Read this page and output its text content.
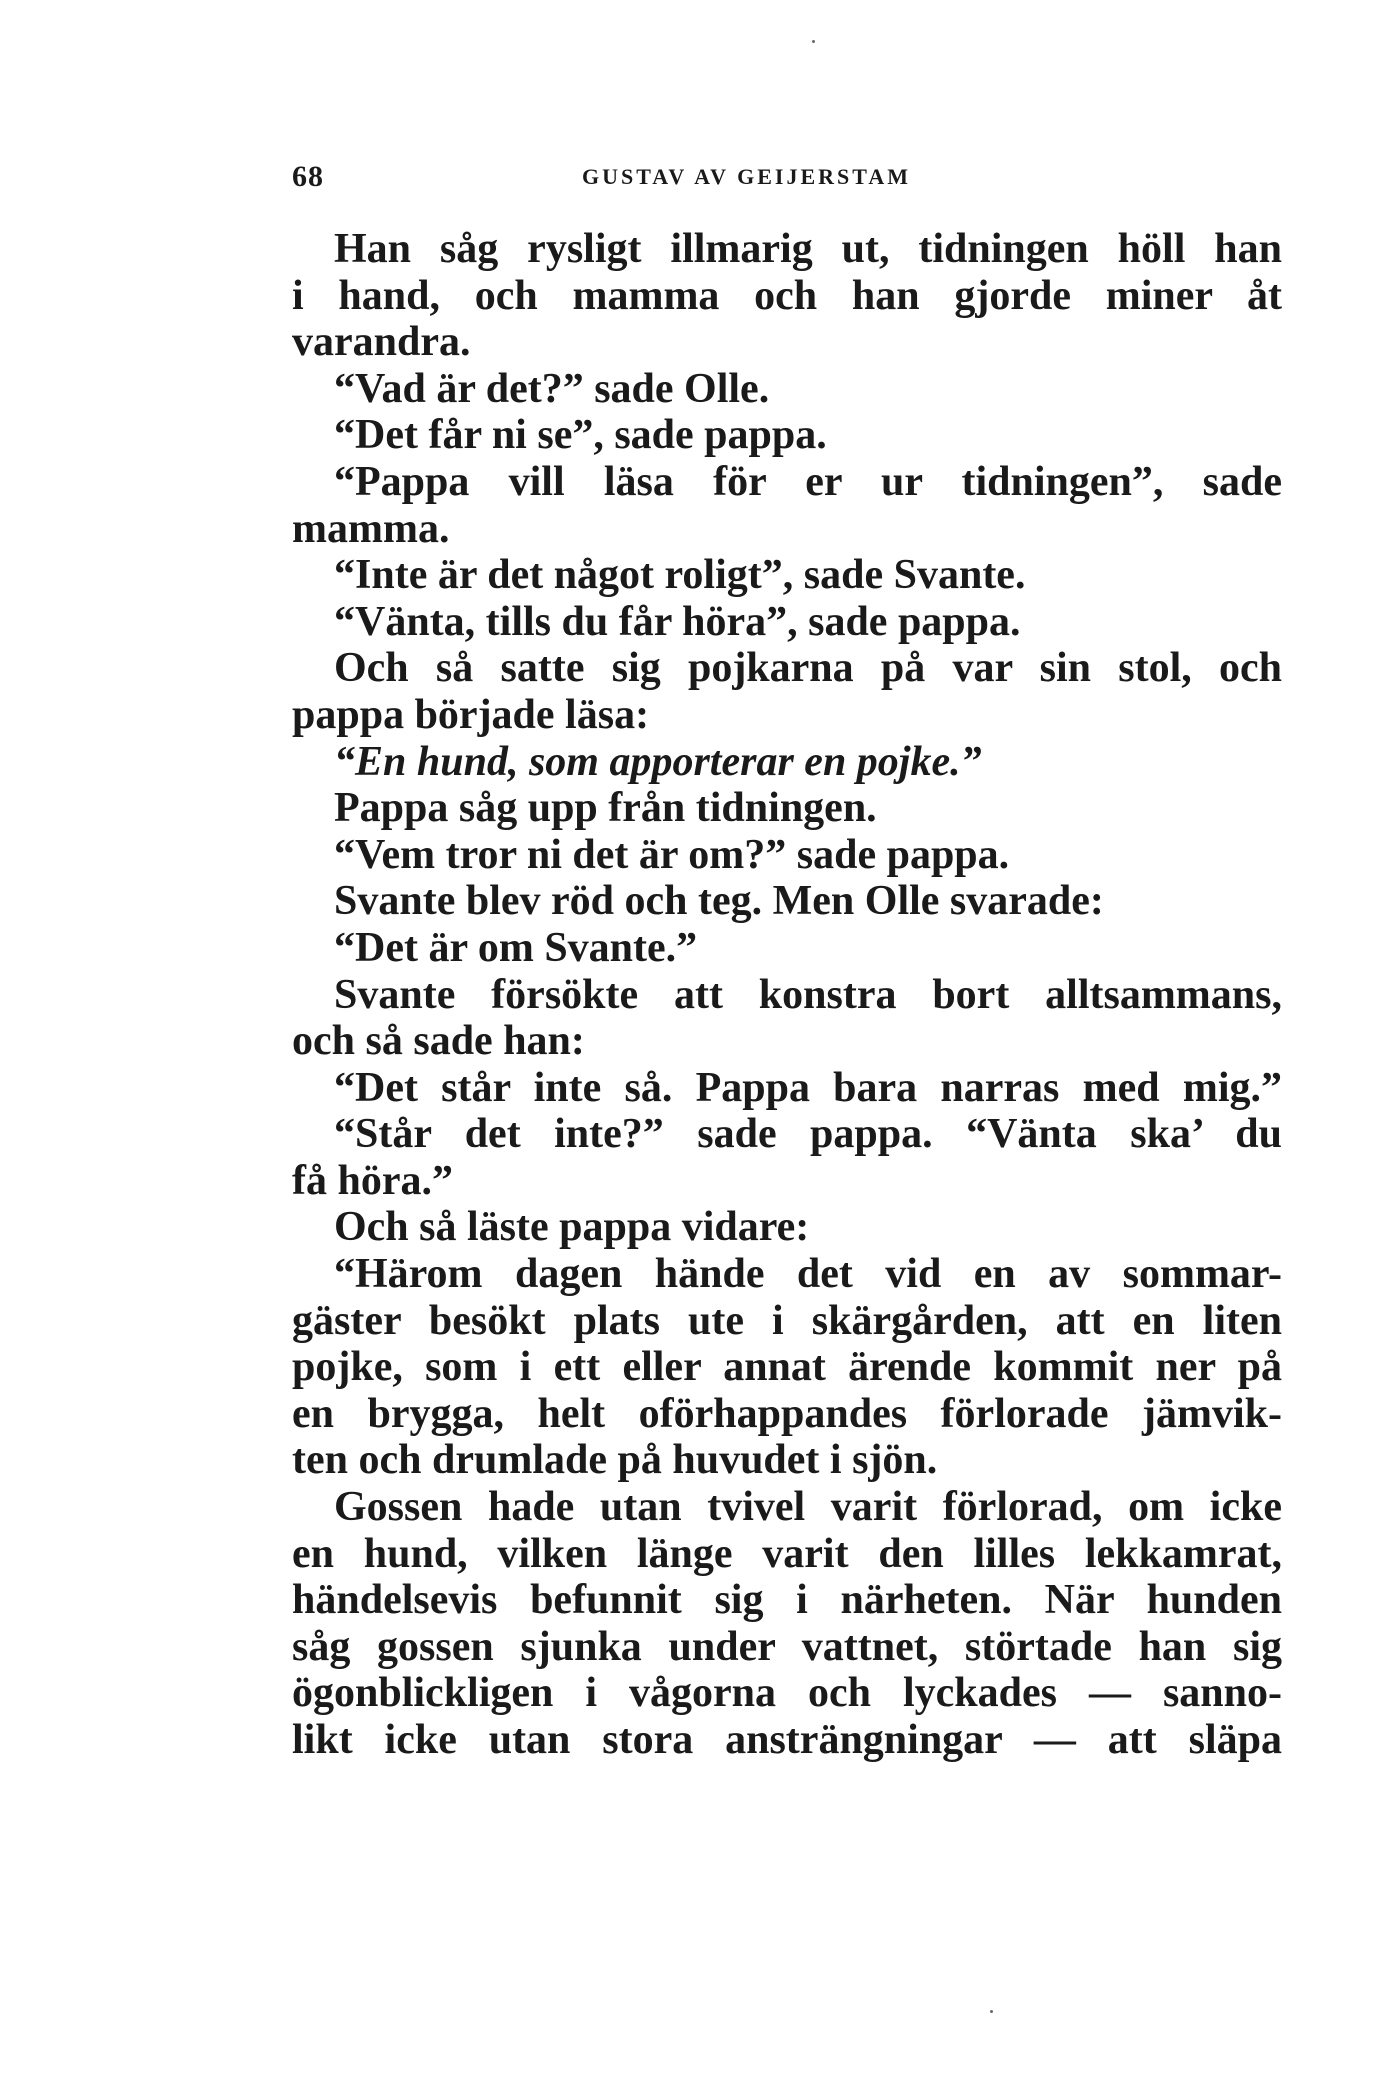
68	GUSTAV AV GEIJERSTAM
Han såg rysligt illmarig ut, tidningen höll han
i hand, och mamma och han gjorde miner åt
varandra.
“Vad är det?” sade Olle.
“Det får ni se”, sade pappa.
“Pappa vill läsa för er ur tidningen”, sade
mamma.
“Inte är det något roligt”, sade Svante.
“Vänta, tills du får höra”, sade pappa.
Och så satte sig pojkarna på var sin stol, och
pappa började läsa:
“En hund, som apporterar en pojke.”
Pappa såg upp från tidningen.
“Vem tror ni det är om?” sade pappa.
Svante blev röd och teg. Men Olle svarade:
“Det är om Svante.”
Svante försökte att konstra bort alltsammans,
och så sade han:
“Det står inte så. Pappa bara narras med mig.”
“Står det inte?” sade pappa. “Vänta ska’ du
få höra.”
Och så läste pappa vidare:
“Härom dagen hände det vid en av sommar-
gäster besökt plats ute i skärgården, att en liten
pojke, som i ett eller annat ärende kommit ner på
en brygga, helt oförhappandes förlorade jämvik-
ten och drumlade på huvudet i sjön.
Gossen hade utan tvivel varit förlorad, om icke
en hund, vilken länge varit den lilles lekkamrat,
händelsevis befunnit sig i närheten. När hunden
såg gossen sjunka under vattnet, störtade han sig
ögonblickligen i vågorna och lyckades — sanno-
likt icke utan stora ansträngningar — att släpa
